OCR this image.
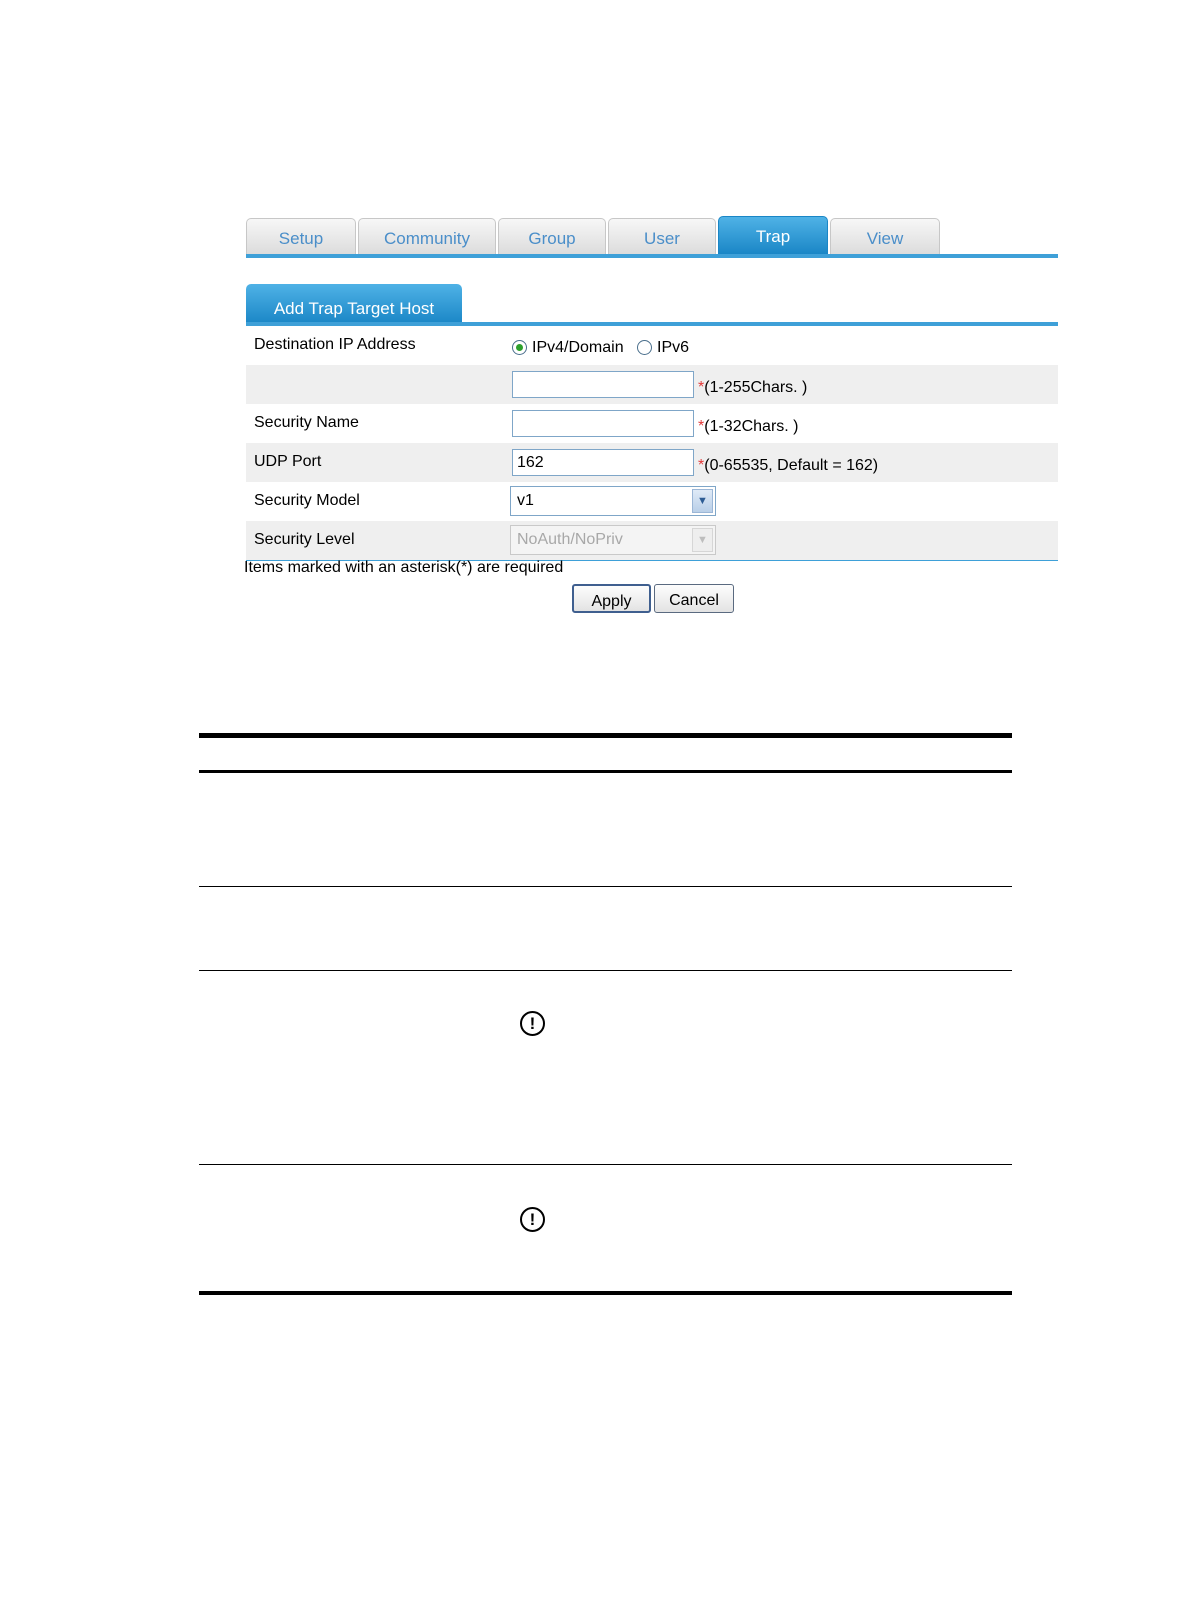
Setup	Community	Group	User	Trap	View
Add Trap Target Host
Destination IP Address	IPv4/Domain IPv6
*(1-255Chars. )
Security Name	*(1-32Chars. )
UDP Port	162	*(0-65535, Default = 162)
Security Model	v1	▼
Security Level	NoAuth/NoPriv	▼
Items marked with an asterisk(*) are required
Apply	Cancel
!
!
